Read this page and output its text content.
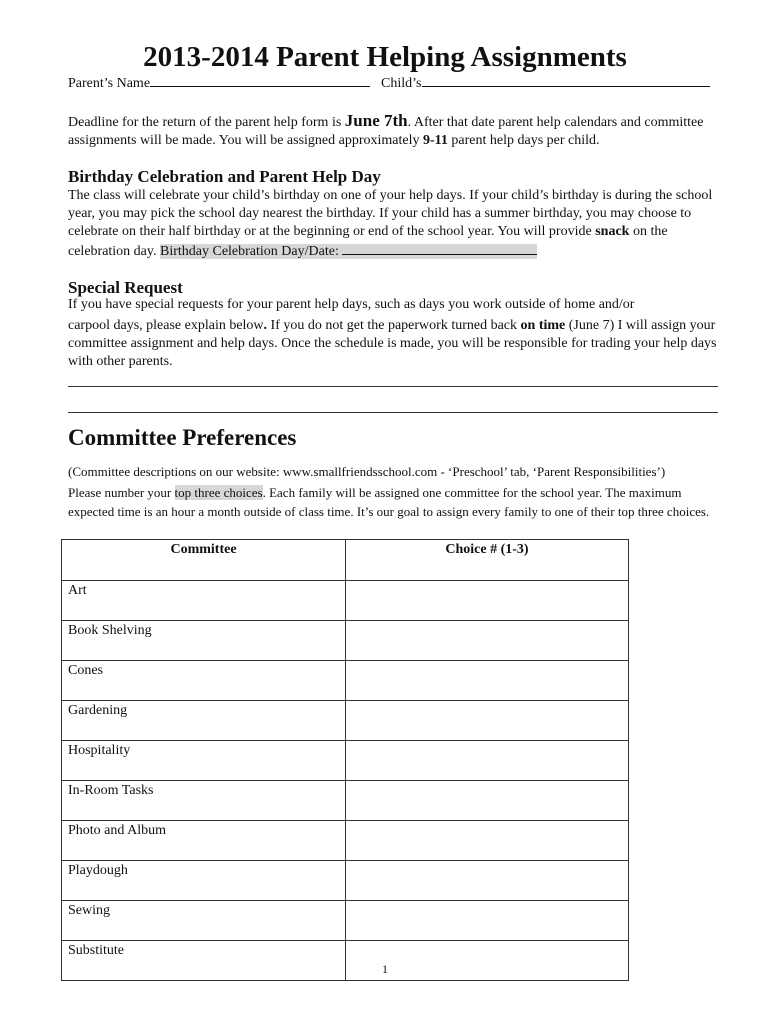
2013-2014 Parent Helping Assignments
Parent’s Name	Child’s

Deadline for the return of the parent help form is June 7th. After that date parent help calendars and committee assignments will be made. You will be assigned approximately 9-11 parent help days per child.

Birthday Celebration and Parent Help Day

The class will celebrate your child’s birthday on one of your help days. If your child’s birthday is during the school year, you may pick the school day nearest the birthday. If your child has a summer birthday, you may choose to celebrate on their half birthday or at the beginning or end of the school year. You will provide snack on the celebration day. Birthday Celebration Day/Date:

Special Request

If you have special requests for your parent help days, such as days you work outside of home and/or

carpool days, please explain below. If you do not get the paperwork turned back on time (June 7) I will assign your committee assignment and help days. Once the schedule is made, you will be responsible for trading your help days with other parents.

Committee Preferences

(Committee descriptions on our website: www.smallfriendsschool.com - ‘Preschool’ tab, ‘Parent Responsibilities’)

Please number your top three choices. Each family will be assigned one committee for the school year. The maximum expected time is an hour a month outside of class time. It’s our goal to assign every family to one of their top three choices.

Committee	Choice # (1-3)
Art	
Book Shelving	
Cones	
Gardening	
Hospitality	
In-Room Tasks	
Photo and Album	
Playdough	
Sewing	
Substitute	
1
